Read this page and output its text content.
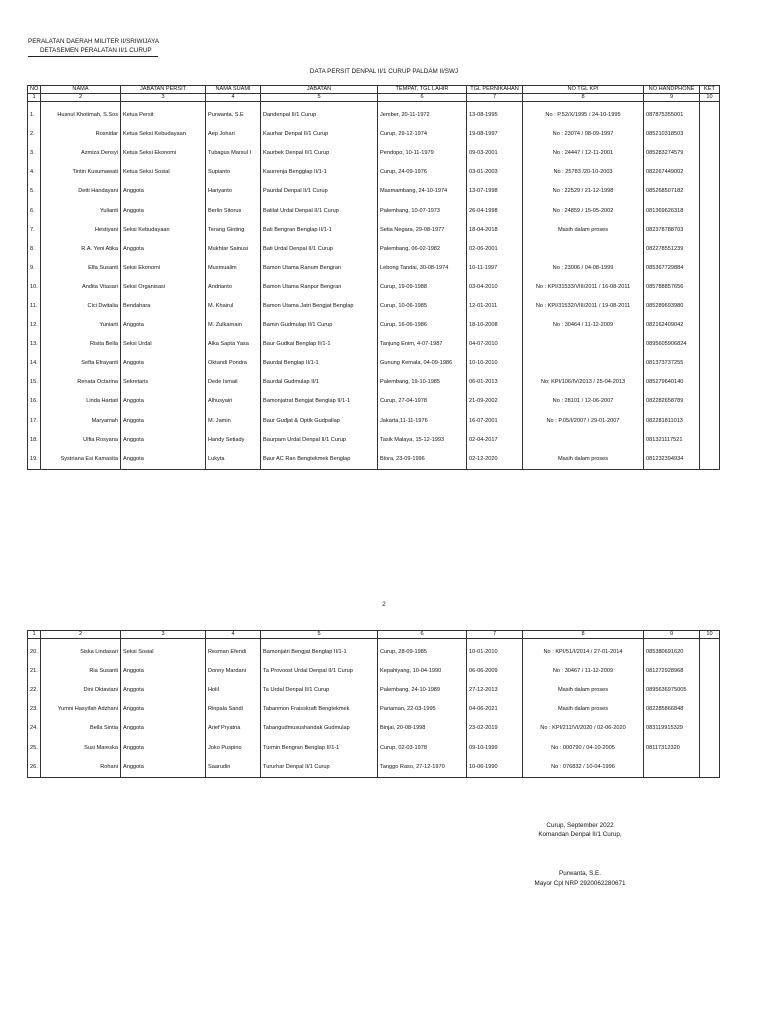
PERALATAN DAERAH MILITER II/SRIWIJAYA
DETASEMEN PERALATAN II/1 CURUP
DATA PERSIT DENPAL II/1 CURUP PALDAM II/SWJ
NO	NAMA	JABATAN PERSIT	NAMA SUAMI	JABATAN	TEMPAT, TGL LAHIR	TGL PERNIKAHAN	NO TGL KPI	NO HANDPHONE	KET
1	2	3	4	5	6	7	8	9	10

1.	Husnul Khotimah, S.Sos	Ketua Persit	Purwanta, S.E	Dandenpal II/1 Curup	Jember, 20-11-1972	13-08-1995	No : P.52/X/1995 / 24-10-1995	087875355001	
2.	Rosnidar	Ketua Seksi Kebudayaan	Aep Johari	Kaurhar Denpal II/1 Curup	Curup, 29-12-1974	19-08-1997	No : 23074 / 08-09-1997	085210318503	
3.	Azmiza Densyi	Ketua Seksi Ekonomi	Tubagus Marsul I	Kaurbek Denpal II/1 Curup	Pendopo, 10-11-1979	09-03-2001	No : 24447 / 12-11-2001	085283274579	
4.	Tintin Kusumawati	Ketua Seksi Sosial	Supianto	Kaurrenja Bengglap II/1-1	Curup, 24-09-1976	03-01-2003	No : 25783 /20-10-2003	082267449002	
5.	Detti Handayani	Anggota	Hariyanto	Paurdal Denpal II/1 Curup	Masmambang, 24-10-1974	13-07-1998	No : 22529 / 21-12-1998	085268507182	
6.	Yulianti	Anggota	Berlin Sitorus	Batilat Urdal Denpal II/1 Curup	Palembang, 10-07-1973	26-04-1998	No : 24859 / 15-05-2002	081369626318	
7.	Hestiyani	Seksi Kebudayaan	Terang Ginting	Bati Bengran Benglap II/1-1	Setia Negara, 29-08-1977	18-04-2018	Masih dalam proses	082378788703	
8.	R.A. Yeni Atika	Anggota	Mukhtar Sainusi	Bati Urdal Denpal II/1 Curup	Palembang, 06-02-1982	02-06-2001		082278551239	
9.	Elfa Susanti	Seksi Ekonomi	Musmualim	Bamon Utama Ranum Bengran	Lebong Tandai, 30-08-1974	10-11-1997	No : 23006 / 04-08-1999	085367729884	
10.	Andita Vitasari	Seksi Organisasi	Andrianto	Bamon Utama Ranpur Bengran	Curup, 19-09-1988	03-04-2010	No : KPI/31533/VIII/2011 / 16-08-2011	085788857656	
11.	Cici Dwitalia	Bendahara	M. Khairul	Bamon Utama Jatri Bengjat Benglap	Curup, 10-06-1985	12-01-2011	No : KPI/31532/VIII/2011 / 19-08-2011	085289693980	
12.	Yuniarti	Anggota	M. Zulkarnain	Bamin Gudmulap II/1 Curup	Curup, 16-06-1986	18-10-2008	No : 30464 / 11-12-2009	082162409042	
13.	Risita Bella	Seksi Urdal	Alka Sapta Yasa	Baur Gudkai Benglap II/1-1	Tanjung Enim, 4-07-1987	04-07-2010		0895605906824	
14.	Sefta Efrayanti	Anggota	Oktandi Pondra	Baurdal Benglap II/1-1	Gunung Kemala, 04-09-1986	10-10-2010		081373737255	
15.	Renata Octarina	Sekretaris	Dede Ismail	Baurdal Gudmulap II/1	Palembang, 19-10-1985	06-01-2013	No: KPI/106/IV/2013 / 25-04-2013	085279640140	
16.	Linda Hartati	Anggota	Alhusyairi	Bamonjatrat Bengjat Benglap II/1-1	Curup, 27-04-1978	21-09-2002	No : 28101 / 12-06-2007	082282658789	
17.	Maryamah	Anggota	M. Jamin	Baur Gudjat & Optik Gudpallap	Jakarta,11-11-1976	16-07-2001	No : P.05/I/2007 / 29-01-2007	082281811013	
18.	Ulfia Rosyana	Anggota	Handy Setiady	Baurpam Urdal Denpal II/1 Curup	Tasik Malaya, 15-12-1993	02-04-2017		081321117521	
19.	Systriana Esi Kamasita	Anggota	Lukyta	Baur AC Ran Bengtekmek Benglap	Blora, 23-09-1996	02-12-2020	Masih dalam proses	081232394934	
2
1	2	3	4	5	6	7	8	9	10

20.	Siska Lindasari	Seksi Sosial	Resman Efendi	Bamonjatri Bengjat Benglap II/1-1	Curup, 28-09-1985	10-01-2010	No : KPI/51/I/2014 / 27-01-2014	085380691620	
21.	Ria Susanti	Anggota	Donny Mardani	Ta Provoost Urdal Denpal II/1 Curup	Kepahiyang, 10-04-1990	06-06-2009	No : 30467 / 11-12-2009	081272928968	
22.	Dini Oktaviani	Anggota	Holil	Ta Urdal Denpal II/1 Curup	Palembang, 24-10-1989	27-12-2013	Masih dalam proses	0895636975005	
23.	Yumni Hasyifah Adzhani	Anggota	Rinpala Sandi	Tabanmon Fraisskraft Bengtekmek	Pariaman, 22-03-1995	04-06-2021	Masih dalam proses	082285866848	
24.	Bella Sintia	Anggota	Arief Pryatna	Tabangudmusushandak Gudmulap	Binjai, 20-08-1998	23-02-2019	No : KPI/211/VI/2020 / 02-06-2020	083119915329	
25.	Susi Mareska	Anggota	Joko Puspino	Turmin Bengran Benglap II/1-1	Curup, 02-03-1978	09-10-1999	No : 000790 / 04-10-2005	08117312320	
26.	Rohani	Anggota	Saarudin	Tururhar Denpal II/1 Curup	Tanggo Raso, 27-12-1970	10-06-1990	No : 076832 / 10-04-1996		
Curup, September 2022
Komandan Denpal II/1 Curup,
Purwanta, S.E.
Mayor Cpl NRP 2920062280671
